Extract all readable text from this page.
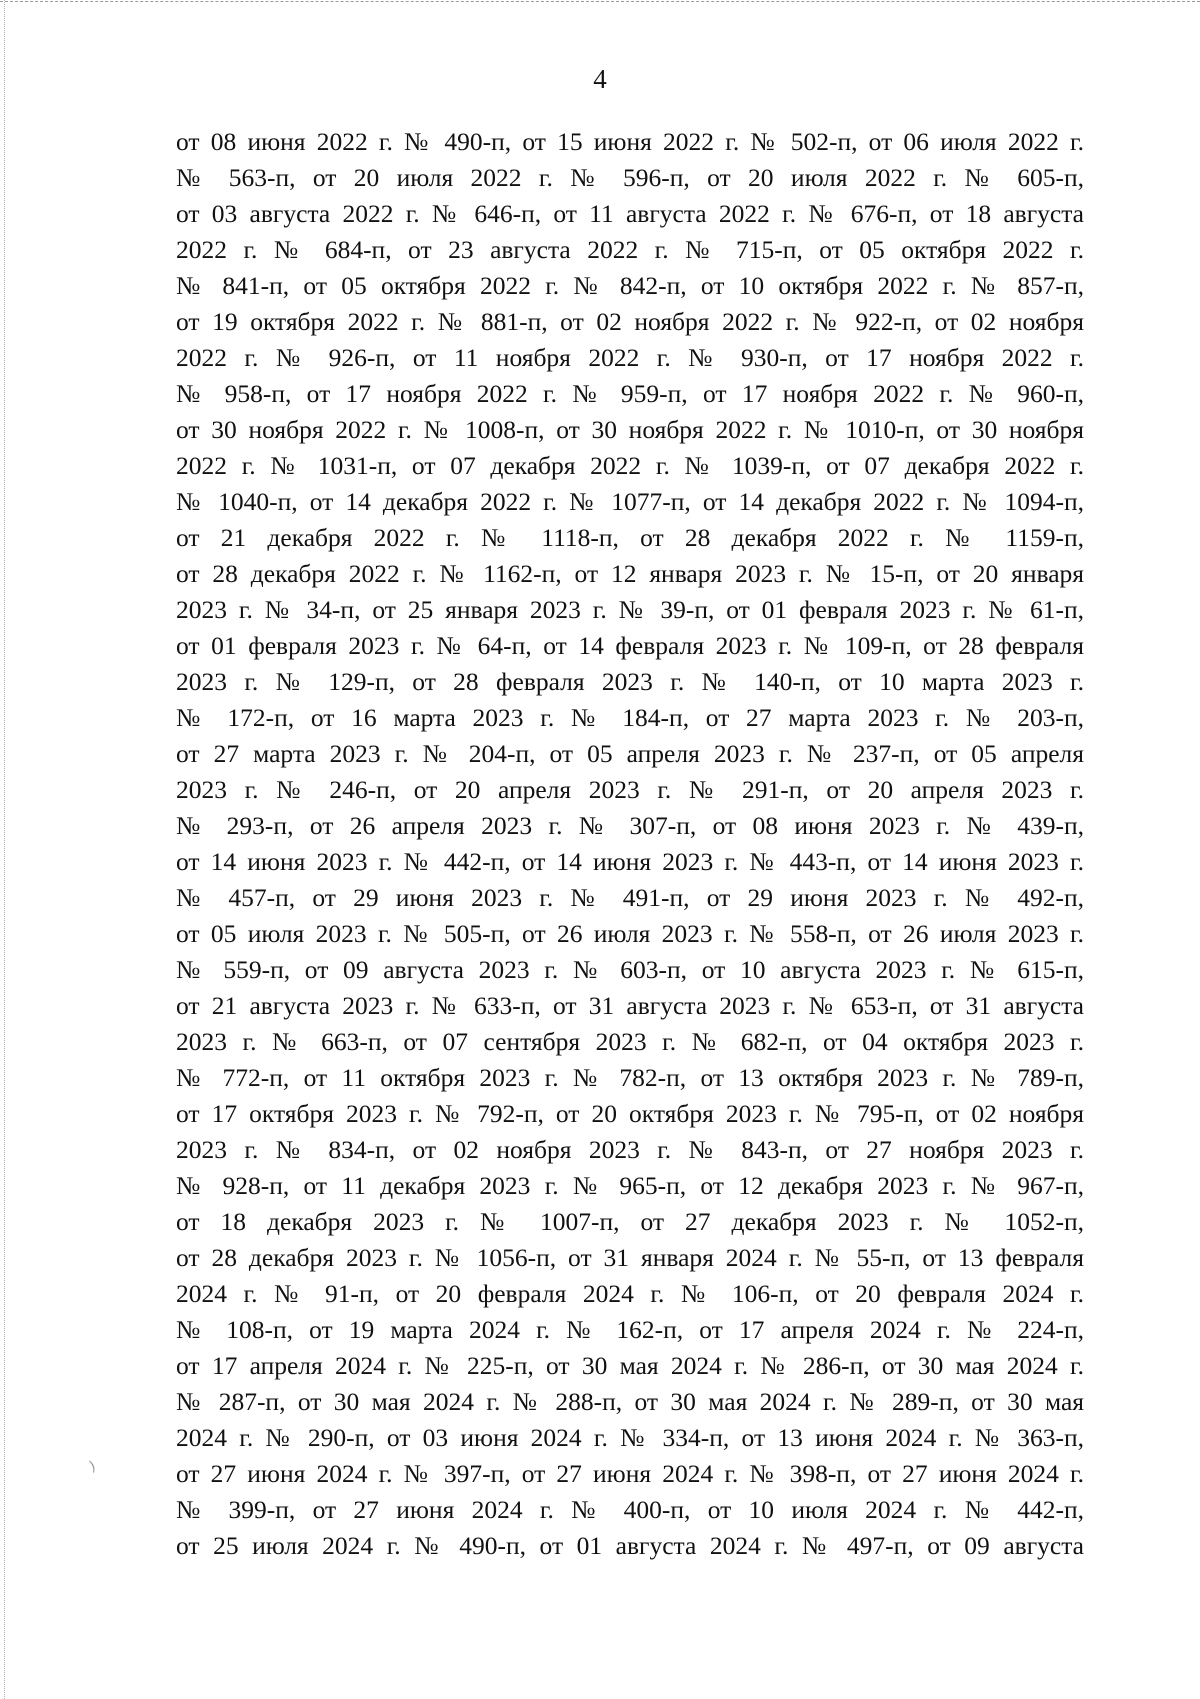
4
от 08 июня 2022 г. № 490-п, от 15 июня 2022 г. № 502-п, от 06 июля 2022 г.
№ 563-п, от 20 июля 2022 г. № 596-п, от 20 июля 2022 г. № 605-п,
от 03 августа 2022 г. № 646-п, от 11 августа 2022 г. № 676-п, от 18 августа
2022 г. № 684-п, от 23 августа 2022 г. № 715-п, от 05 октября 2022 г.
№ 841-п, от 05 октября 2022 г. № 842-п, от 10 октября 2022 г. № 857-п,
от 19 октября 2022 г. № 881-п, от 02 ноября 2022 г. № 922-п, от 02 ноября
2022 г. № 926-п, от 11 ноября 2022 г. № 930-п, от 17 ноября 2022 г.
№ 958-п, от 17 ноября 2022 г. № 959-п, от 17 ноября 2022 г. № 960-п,
от 30 ноября 2022 г. № 1008-п, от 30 ноября 2022 г. № 1010-п, от 30 ноября
2022 г. № 1031-п, от 07 декабря 2022 г. № 1039-п, от 07 декабря 2022 г.
№ 1040-п, от 14 декабря 2022 г. № 1077-п, от 14 декабря 2022 г. № 1094-п,
от 21 декабря 2022 г. № 1118-п, от 28 декабря 2022 г. № 1159-п,
от 28 декабря 2022 г. № 1162-п, от 12 января 2023 г. № 15-п, от 20 января
2023 г. № 34-п, от 25 января 2023 г. № 39-п, от 01 февраля 2023 г. № 61-п,
от 01 февраля 2023 г. № 64-п, от 14 февраля 2023 г. № 109-п, от 28 февраля
2023 г. № 129-п, от 28 февраля 2023 г. № 140-п, от 10 марта 2023 г.
№ 172-п, от 16 марта 2023 г. № 184-п, от 27 марта 2023 г. № 203-п,
от 27 марта 2023 г. № 204-п, от 05 апреля 2023 г. № 237-п, от 05 апреля
2023 г. № 246-п, от 20 апреля 2023 г. № 291-п, от 20 апреля 2023 г.
№ 293-п, от 26 апреля 2023 г. № 307-п, от 08 июня 2023 г. № 439-п,
от 14 июня 2023 г. № 442-п, от 14 июня 2023 г. № 443-п, от 14 июня 2023 г.
№ 457-п, от 29 июня 2023 г. № 491-п, от 29 июня 2023 г. № 492-п,
от 05 июля 2023 г. № 505-п, от 26 июля 2023 г. № 558-п, от 26 июля 2023 г.
№ 559-п, от 09 августа 2023 г. № 603-п, от 10 августа 2023 г. № 615-п,
от 21 августа 2023 г. № 633-п, от 31 августа 2023 г. № 653-п, от 31 августа
2023 г. № 663-п, от 07 сентября 2023 г. № 682-п, от 04 октября 2023 г.
№ 772-п, от 11 октября 2023 г. № 782-п, от 13 октября 2023 г. № 789-п,
от 17 октября 2023 г. № 792-п, от 20 октября 2023 г. № 795-п, от 02 ноября
2023 г. № 834-п, от 02 ноября 2023 г. № 843-п, от 27 ноября 2023 г.
№ 928-п, от 11 декабря 2023 г. № 965-п, от 12 декабря 2023 г. № 967-п,
от 18 декабря 2023 г. № 1007-п, от 27 декабря 2023 г. № 1052-п,
от 28 декабря 2023 г. № 1056-п, от 31 января 2024 г. № 55-п, от 13 февраля
2024 г. № 91-п, от 20 февраля 2024 г. № 106-п, от 20 февраля 2024 г.
№ 108-п, от 19 марта 2024 г. № 162-п, от 17 апреля 2024 г. № 224-п,
от 17 апреля 2024 г. № 225-п, от 30 мая 2024 г. № 286-п, от 30 мая 2024 г.
№ 287-п, от 30 мая 2024 г. № 288-п, от 30 мая 2024 г. № 289-п, от 30 мая
2024 г. № 290-п, от 03 июня 2024 г. № 334-п, от 13 июня 2024 г. № 363-п,
от 27 июня 2024 г. № 397-п, от 27 июня 2024 г. № 398-п, от 27 июня 2024 г.
№ 399-п, от 27 июня 2024 г. № 400-п, от 10 июля 2024 г. № 442-п,
от 25 июля 2024 г. № 490-п, от 01 августа 2024 г. № 497-п, от 09 августа
)
